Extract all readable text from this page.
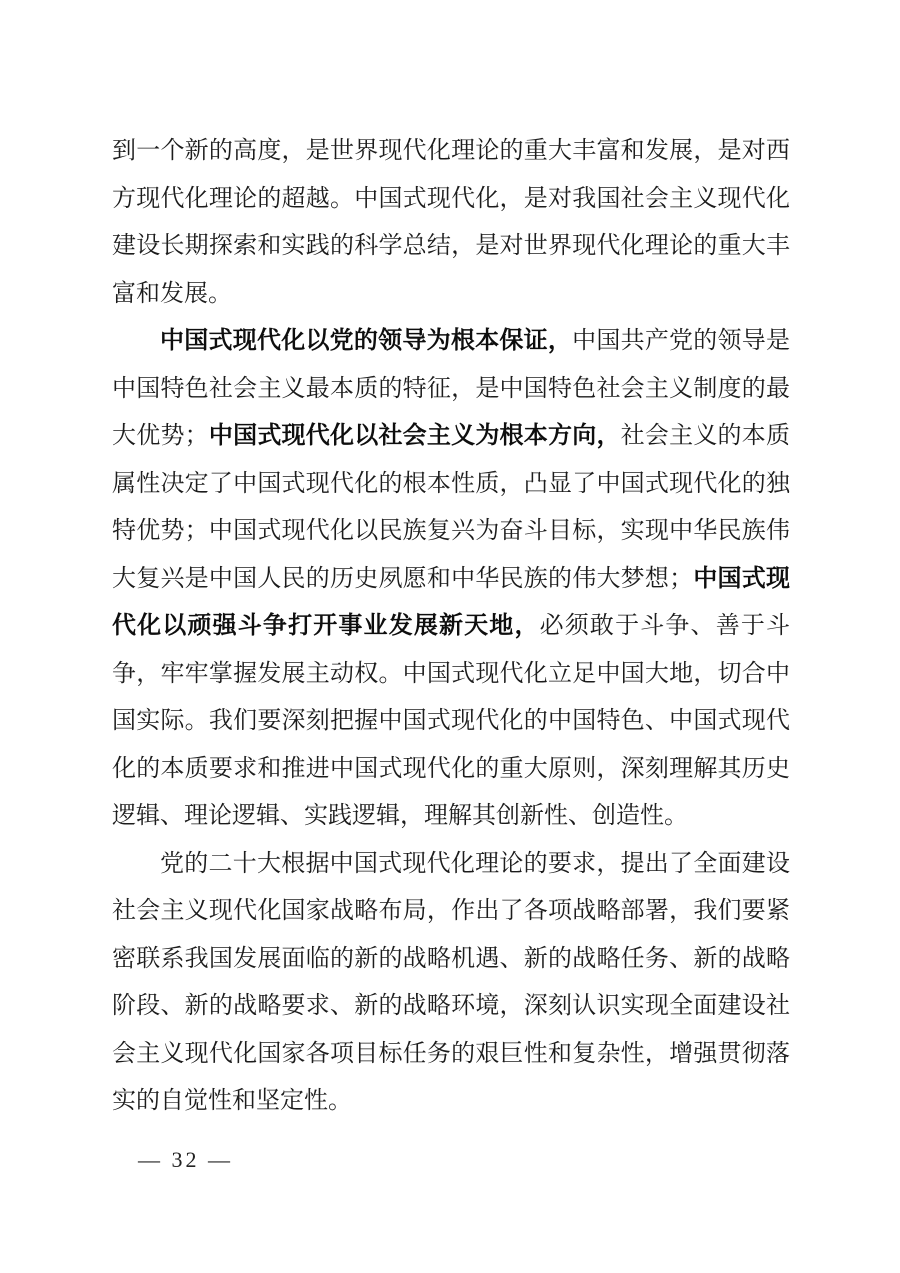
到一个新的高度，是世界现代化理论的重大丰富和发展，是对西方现代化理论的超越。中国式现代化，是对我国社会主义现代化建设长期探索和实践的科学总结，是对世界现代化理论的重大丰富和发展。

中国式现代化以党的领导为根本保证，中国共产党的领导是中国特色社会主义最本质的特征，是中国特色社会主义制度的最大优势；中国式现代化以社会主义为根本方向，社会主义的本质属性决定了中国式现代化的根本性质，凸显了中国式现代化的独特优势；中国式现代化以民族复兴为奋斗目标，实现中华民族伟大复兴是中国人民的历史夙愿和中华民族的伟大梦想；中国式现代化以顽强斗争打开事业发展新天地，必须敢于斗争、善于斗争，牢牢掌握发展主动权。中国式现代化立足中国大地，切合中国实际。我们要深刻把握中国式现代化的中国特色、中国式现代化的本质要求和推进中国式现代化的重大原则，深刻理解其历史逻辑、理论逻辑、实践逻辑，理解其创新性、创造性。

党的二十大根据中国式现代化理论的要求，提出了全面建设社会主义现代化国家战略布局，作出了各项战略部署，我们要紧密联系我国发展面临的新的战略机遇、新的战略任务、新的战略阶段、新的战略要求、新的战略环境，深刻认识实现全面建设社会主义现代化国家各项目标任务的艰巨性和复杂性，增强贯彻落实的自觉性和坚定性。

— 32 —
